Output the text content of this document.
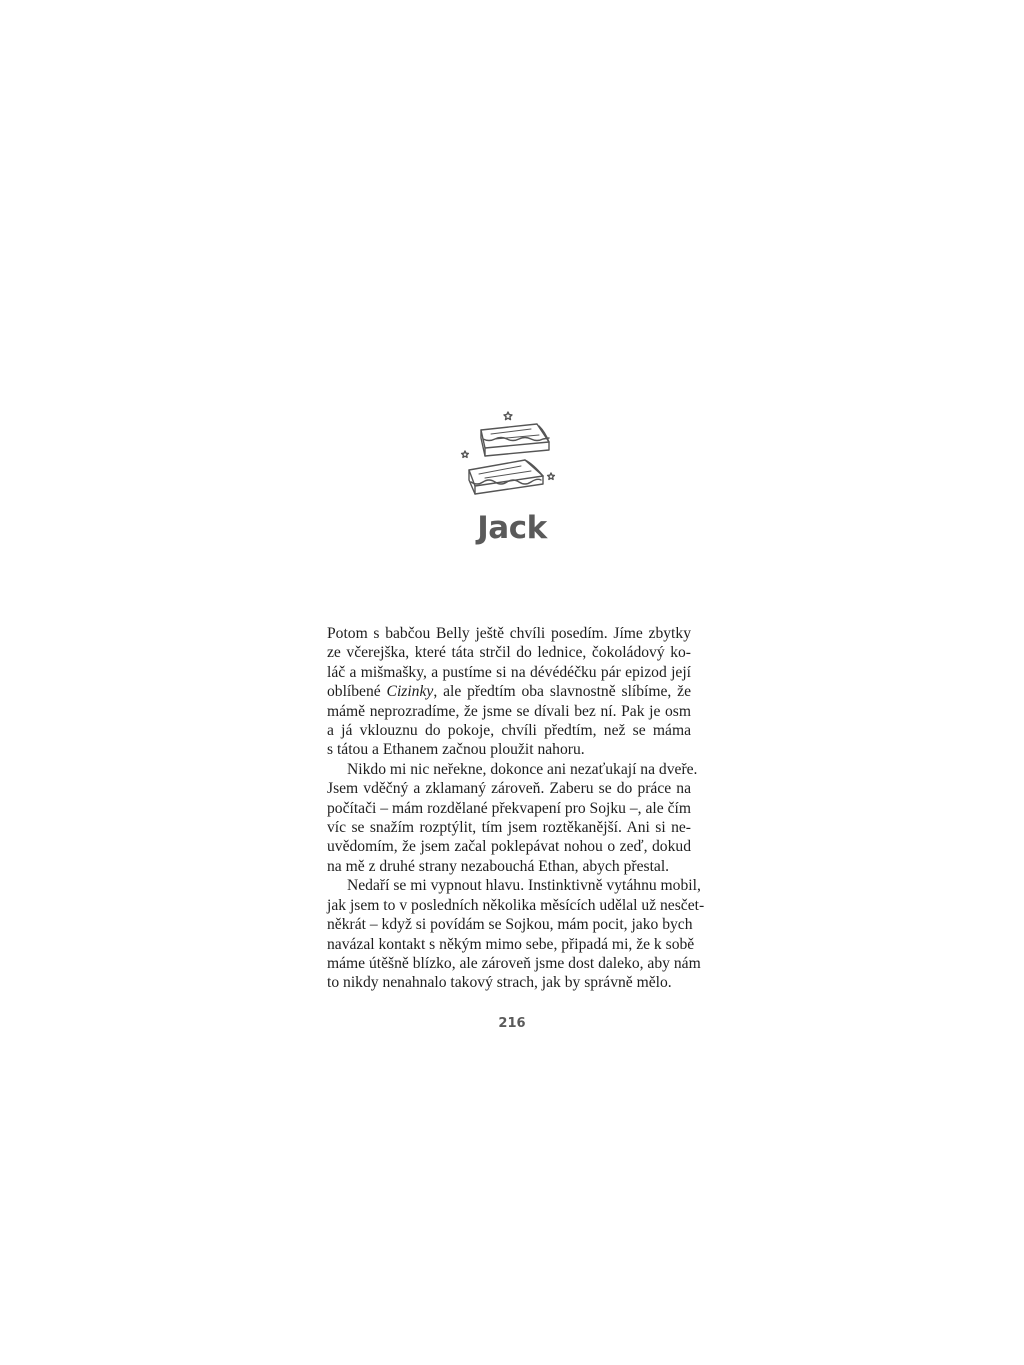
Jack

Potom s babčou Belly ještě chvíli posedím. Jíme zbytky
ze včerejška, které táta strčil do lednice, čokoládový ko-
láč a mišmašky, a pustíme si na dévédéčku pár epizod její
oblíbené Cizinky, ale předtím oba slavnostně slíbíme, že
mámě neprozradíme, že jsme se dívali bez ní. Pak je osm
a já vklouznu do pokoje, chvíli předtím, než se máma
s tátou a Ethanem začnou ploužit nahoru.

Nikdo mi nic neřekne, dokonce ani nezaťukají na dveře.
Jsem vděčný a zklamaný zároveň. Zaberu se do práce na
počítači – mám rozdělané překvapení pro Sojku –, ale čím
víc se snažím rozptýlit, tím jsem roztěkanější. Ani si ne-
uvědomím, že jsem začal poklepávat nohou o zeď, dokud
na mě z druhé strany nezabouchá Ethan, abych přestal.

Nedaří se mi vypnout hlavu. Instinktivně vytáhnu mobil,
jak jsem to v posledních několika měsících udělal už nesčet-
někrát – když si povídám se Sojkou, mám pocit, jako bych
navázal kontakt s někým mimo sebe, připadá mi, že k sobě
máme útěšně blízko, ale zároveň jsme dost daleko, aby nám
to nikdy nenahnalo takový strach, jak by správně mělo.

216
